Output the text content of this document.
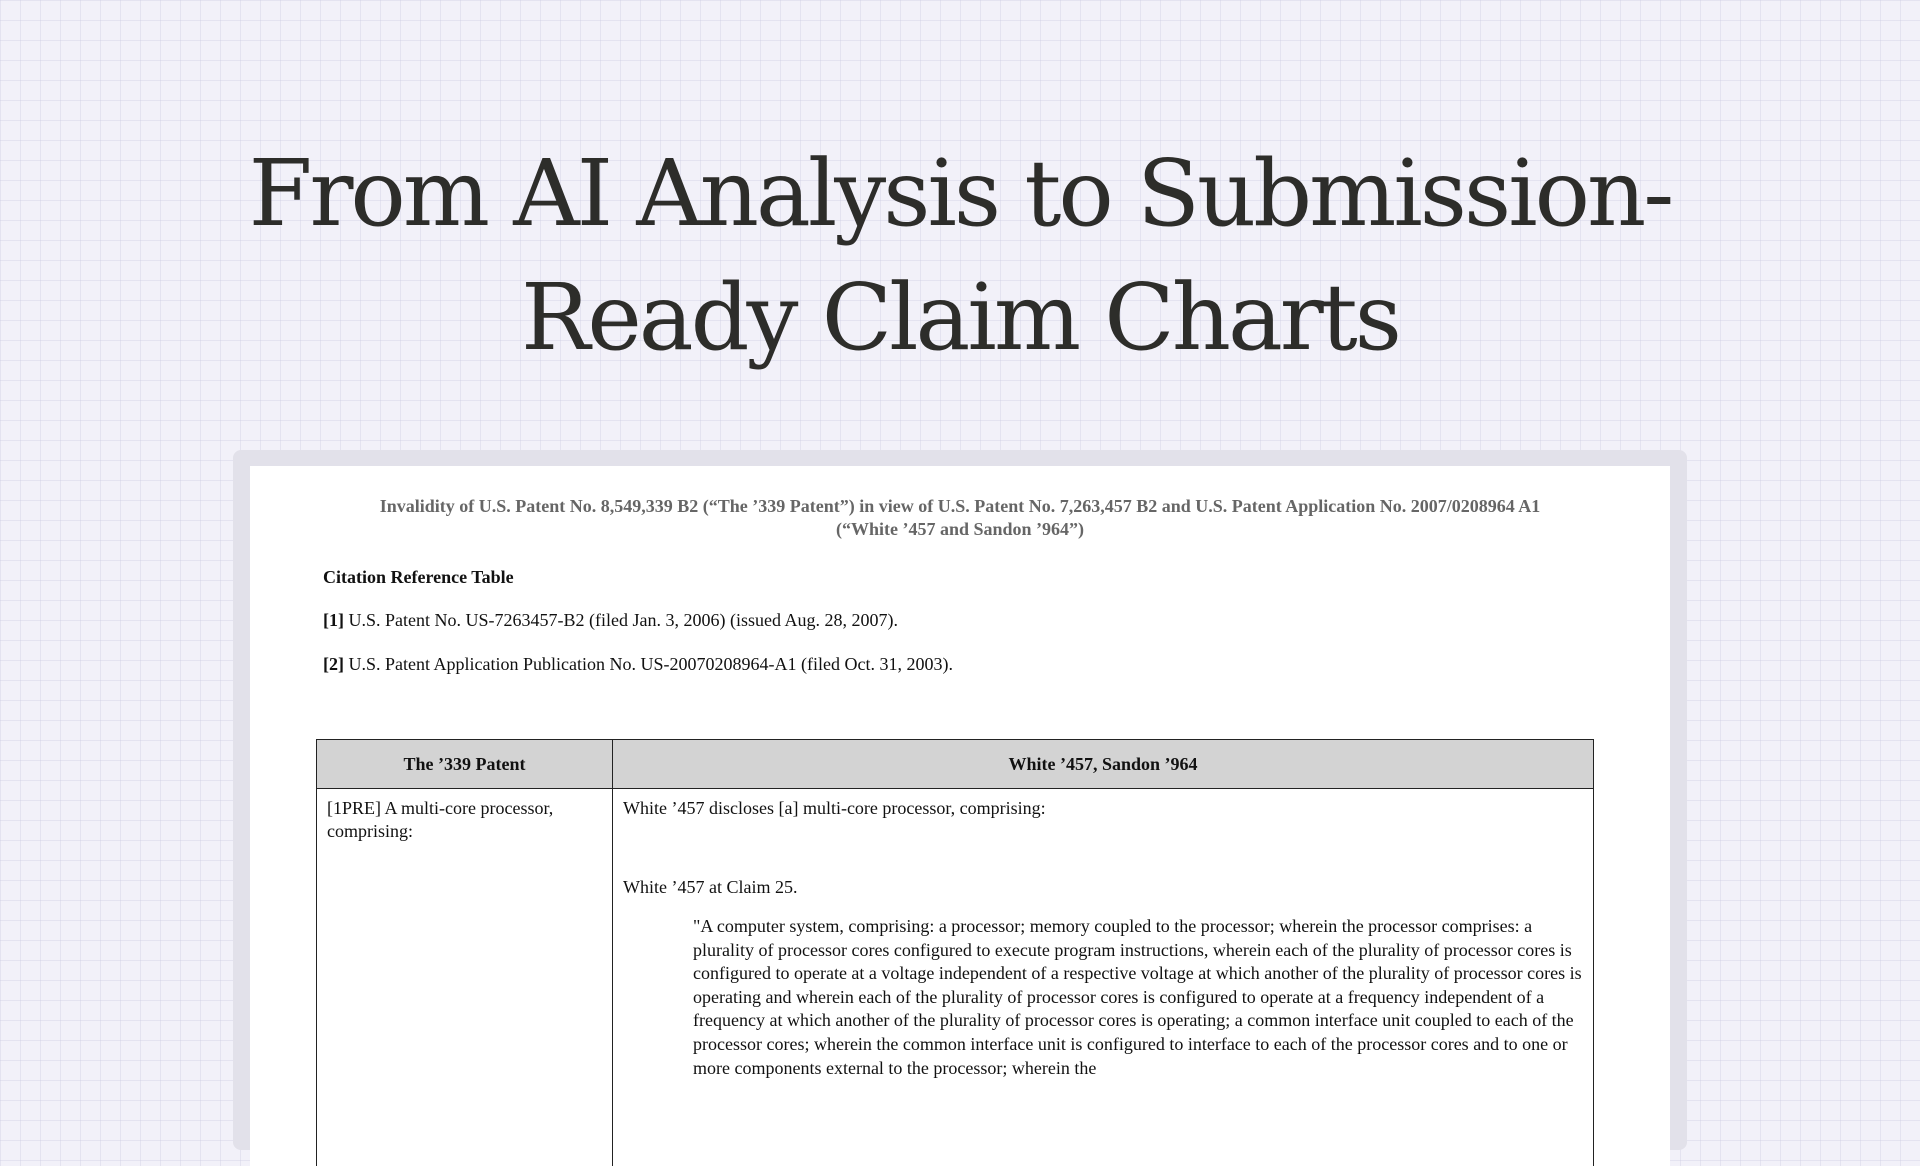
From AI Analysis to Submission-
Ready Claim Charts
Invalidity of U.S. Patent No. 8,549,339 B2 (“The ’339 Patent”) in view of U.S. Patent No. 7,263,457 B2 and U.S. Patent Application No. 2007/0208964 A1
(“White ’457 and Sandon ’964”)
Citation Reference Table
[1] U.S. Patent No. US-7263457-B2 (filed Jan. 3, 2006) (issued Aug. 28, 2007).
[2] U.S. Patent Application Publication No. US-20070208964-A1 (filed Oct. 31, 2003).
The ’339 Patent	White ’457, Sandon ’964
[1PRE] A multi-core processor, comprising:	White ’457 discloses [a] multi-core processor, comprising:

White ’457 at Claim 25.

"A computer system, comprising: a processor; memory coupled to the processor; wherein the processor comprises: a plurality of processor cores configured to execute program instructions, wherein each of the plurality of processor cores is configured to operate at a voltage independent of a respective voltage at which another of the plurality of processor cores is operating and wherein each of the plurality of processor cores is configured to operate at a frequency independent of a frequency at which another of the plurality of processor cores is operating; a common interface unit coupled to each of the processor cores; wherein the common interface unit is configured to interface to each of the processor cores and to one or more components external to the processor; wherein the
